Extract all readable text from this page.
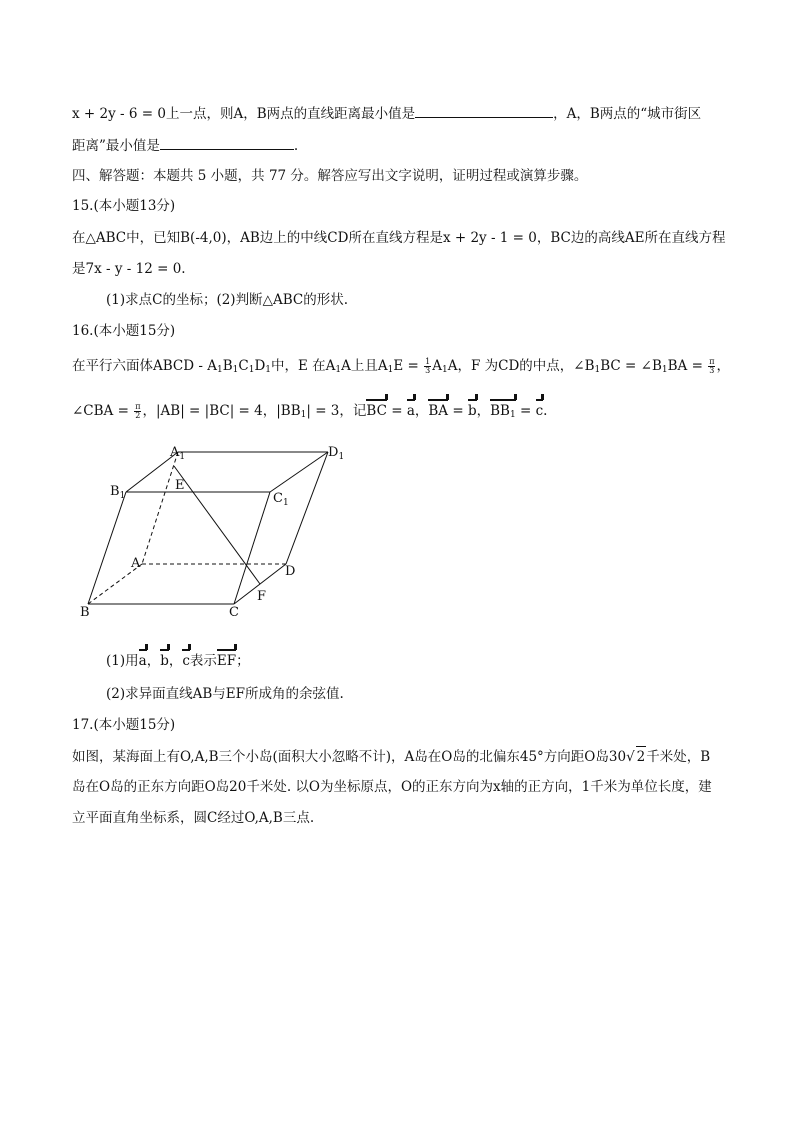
x + 2y - 6 = 0上一点，则A，B两点的直线距离最小值是	，A，B两点的“城市街区
距离”最小值是	.
四、解答题：本题共 5 小题，共 77 分。解答应写出文字说明，证明过程或演算步骤。
15.(本小题13分)
在△ABC中，已知B(-4,0)，AB边上的中线CD所在直线方程是x + 2y - 1 = 0，BC边的高线AE所在直线方程
是7x - y - 12 = 0.
(1)求点C的坐标；(2)判断△ABC的形状.
16.(本小题15分)
在平行六面体ABCD - $A_1B_1C_1D_1$中，E 在$A_1A$上且$A_1E = \frac{1}{3} A_1A$，F 为CD的中点，$\angle B_1BC$ = $\angle B_1BA = \frac{\pi}{3}$ ，
∠CBA = $\frac{\pi}{2}$ ，|AB| = |BC| = 4，$|BB_1| = 3$，记
BC =
a，
BA =
b，
$BB_1$ =
c.
$A_1$	$D_1$
$B_1$	$C_1$
E
A
D
F
B	C
(1)用
a，
b，
c表示
EF；
(2)求异面直线AB与EF所成角的余弦值.
17.(本小题15分)
如图，某海面上有O,A,B三个小岛(面积大小忽略不计)，A岛在O岛的北偏东45°方向距O岛30√ 2千米处，B
岛在O岛的正东方向距O岛20千米处. 以O为坐标原点，O的正东方向为x轴的正方向，1千米为单位长度，建
立平面直角坐标系，圆C经过O,A,B三点.
